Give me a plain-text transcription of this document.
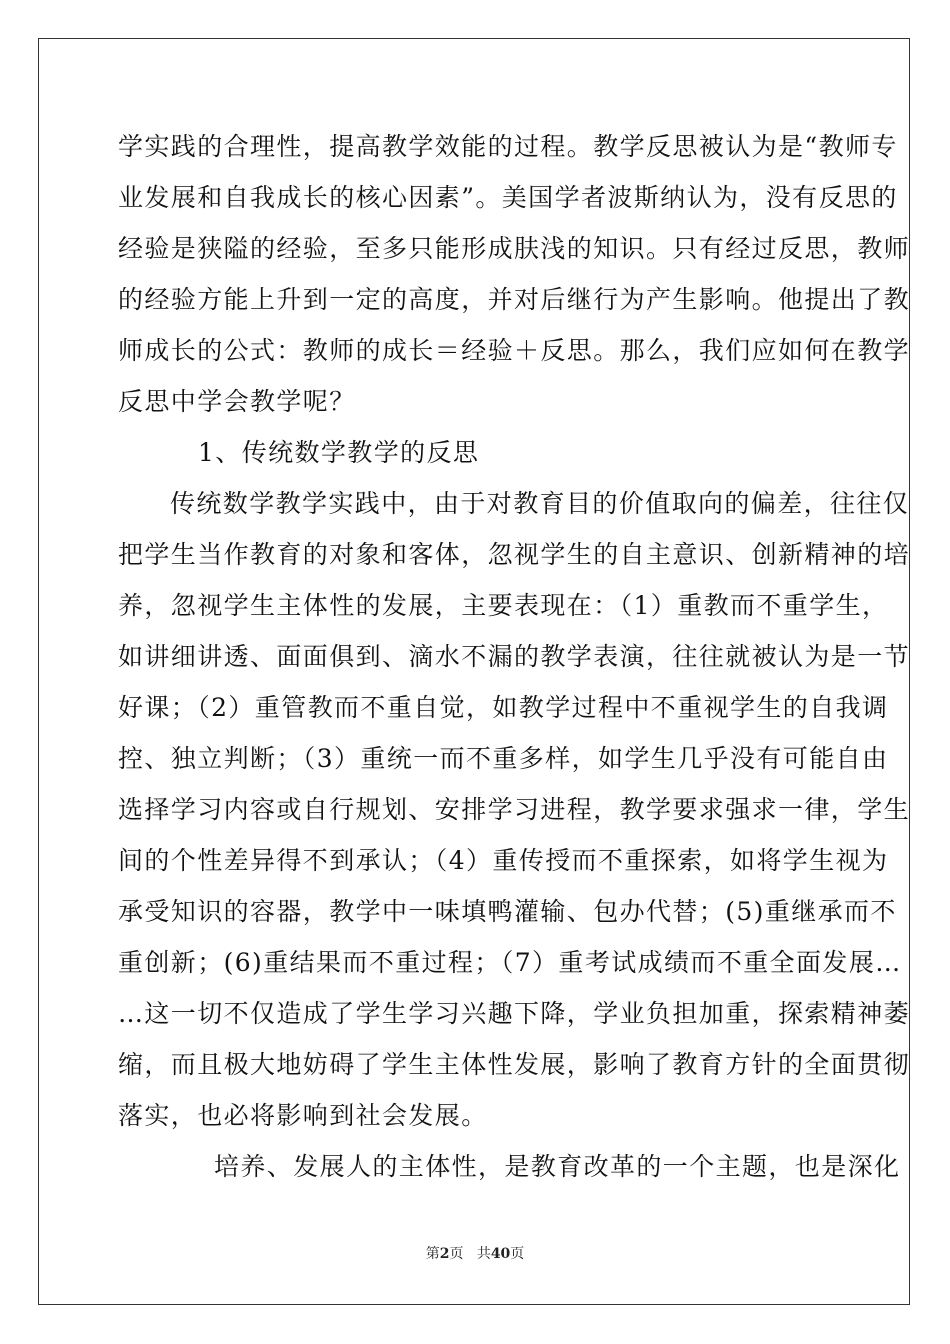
学实践的合理性，提高教学效能的过程。教学反思被认为是“教师专
业发展和自我成长的核心因素”。美国学者波斯纳认为，没有反思的
经验是狭隘的经验，至多只能形成肤浅的知识。只有经过反思，教师
的经验方能上升到一定的高度，并对后继行为产生影响。他提出了教
师成长的公式：教师的成长＝经验＋反思。那么，我们应如何在教学
反思中学会教学呢？
1、传统数学教学的反思
传统数学教学实践中，由于对教育目的价值取向的偏差，往往仅
把学生当作教育的对象和客体，忽视学生的自主意识、创新精神的培
养，忽视学生主体性的发展，主要表现在：（1）重教而不重学生，
如讲细讲透、面面俱到、滴水不漏的教学表演，往往就被认为是一节
好课；（2）重管教而不重自觉，如教学过程中不重视学生的自我调
控、独立判断；（3）重统一而不重多样，如学生几乎没有可能自由
选择学习内容或自行规划、安排学习进程，教学要求强求一律，学生
间的个性差异得不到承认；（4）重传授而不重探索，如将学生视为
承受知识的容器，教学中一味填鸭灌输、包办代替；(5)重继承而不
重创新；(6)重结果而不重过程；（7）重考试成绩而不重全面发展…
…这一切不仅造成了学生学习兴趣下降，学业负担加重，探索精神萎
缩，而且极大地妨碍了学生主体性发展，影响了教育方针的全面贯彻
落实，也必将影响到社会发展。
培养、发展人的主体性，是教育改革的一个主题，也是深化
第2页 共40页
